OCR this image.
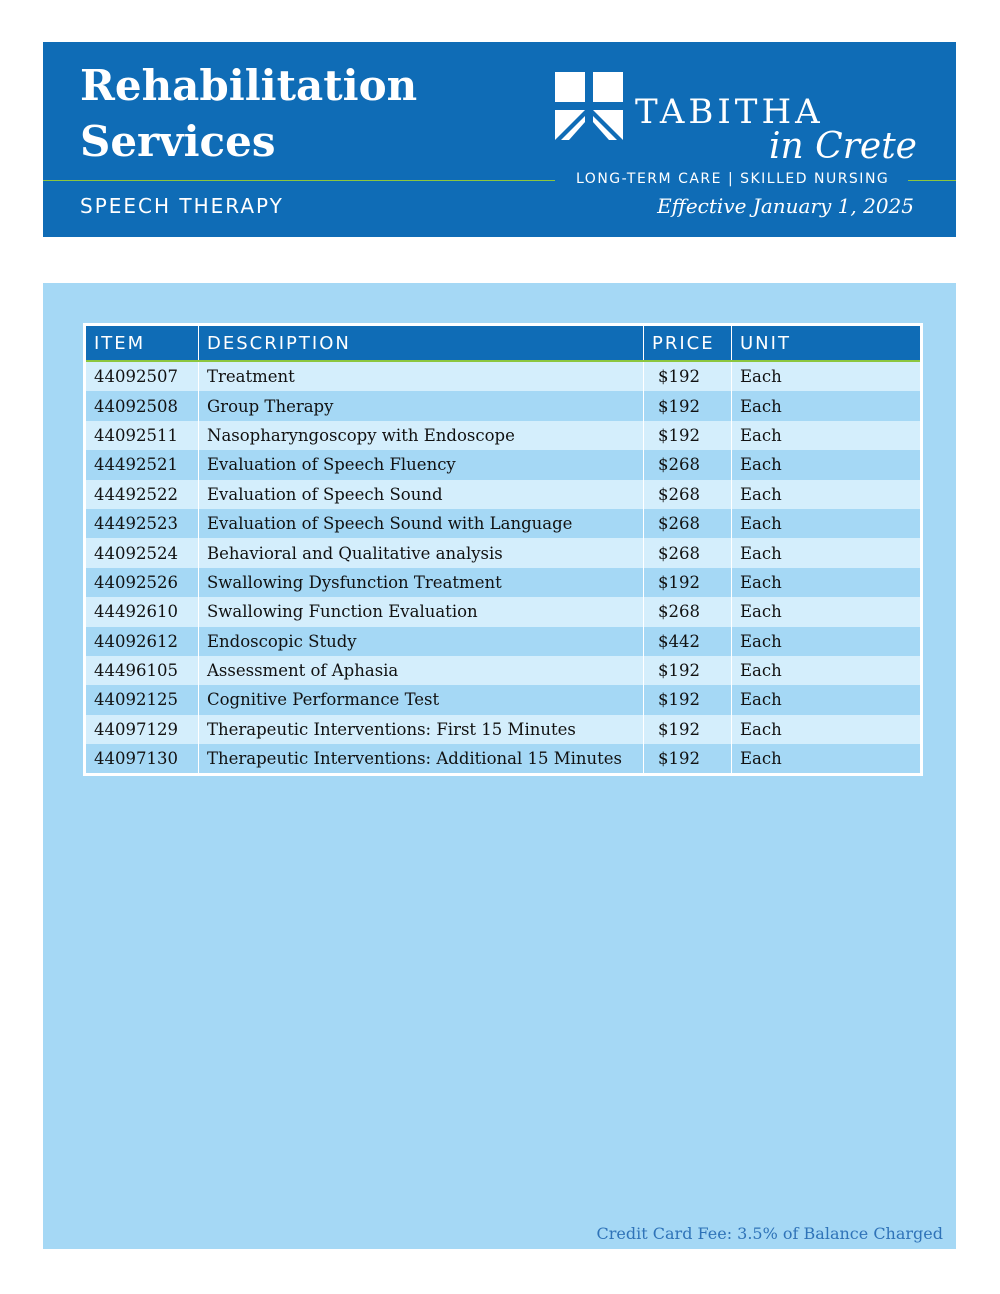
Rehabilitation
Services
TABITHA
in Crete
LONG-TERM CARE | SKILLED NURSING
SPEECH THERAPY	Effective January 1, 2025
ITEM	DESCRIPTION	PRICE	UNIT
44092507	Treatment	$192	Each
44092508	Group Therapy	$192	Each
44092511	Nasopharyngoscopy with Endoscope	$192	Each
44492521	Evaluation of Speech Fluency	$268	Each
44492522	Evaluation of Speech Sound	$268	Each
44492523	Evaluation of Speech Sound with Language	$268	Each
44092524	Behavioral and Qualitative analysis	$268	Each
44092526	Swallowing Dysfunction Treatment	$192	Each
44492610	Swallowing Function Evaluation	$268	Each
44092612	Endoscopic Study	$442	Each
44496105	Assessment of Aphasia	$192	Each
44092125	Cognitive Performance Test	$192	Each
44097129	Therapeutic Interventions: First 15 Minutes	$192	Each
44097130	Therapeutic Interventions: Additional 15 Minutes	$192	Each
Credit Card Fee: 3.5% of Balance Charged
